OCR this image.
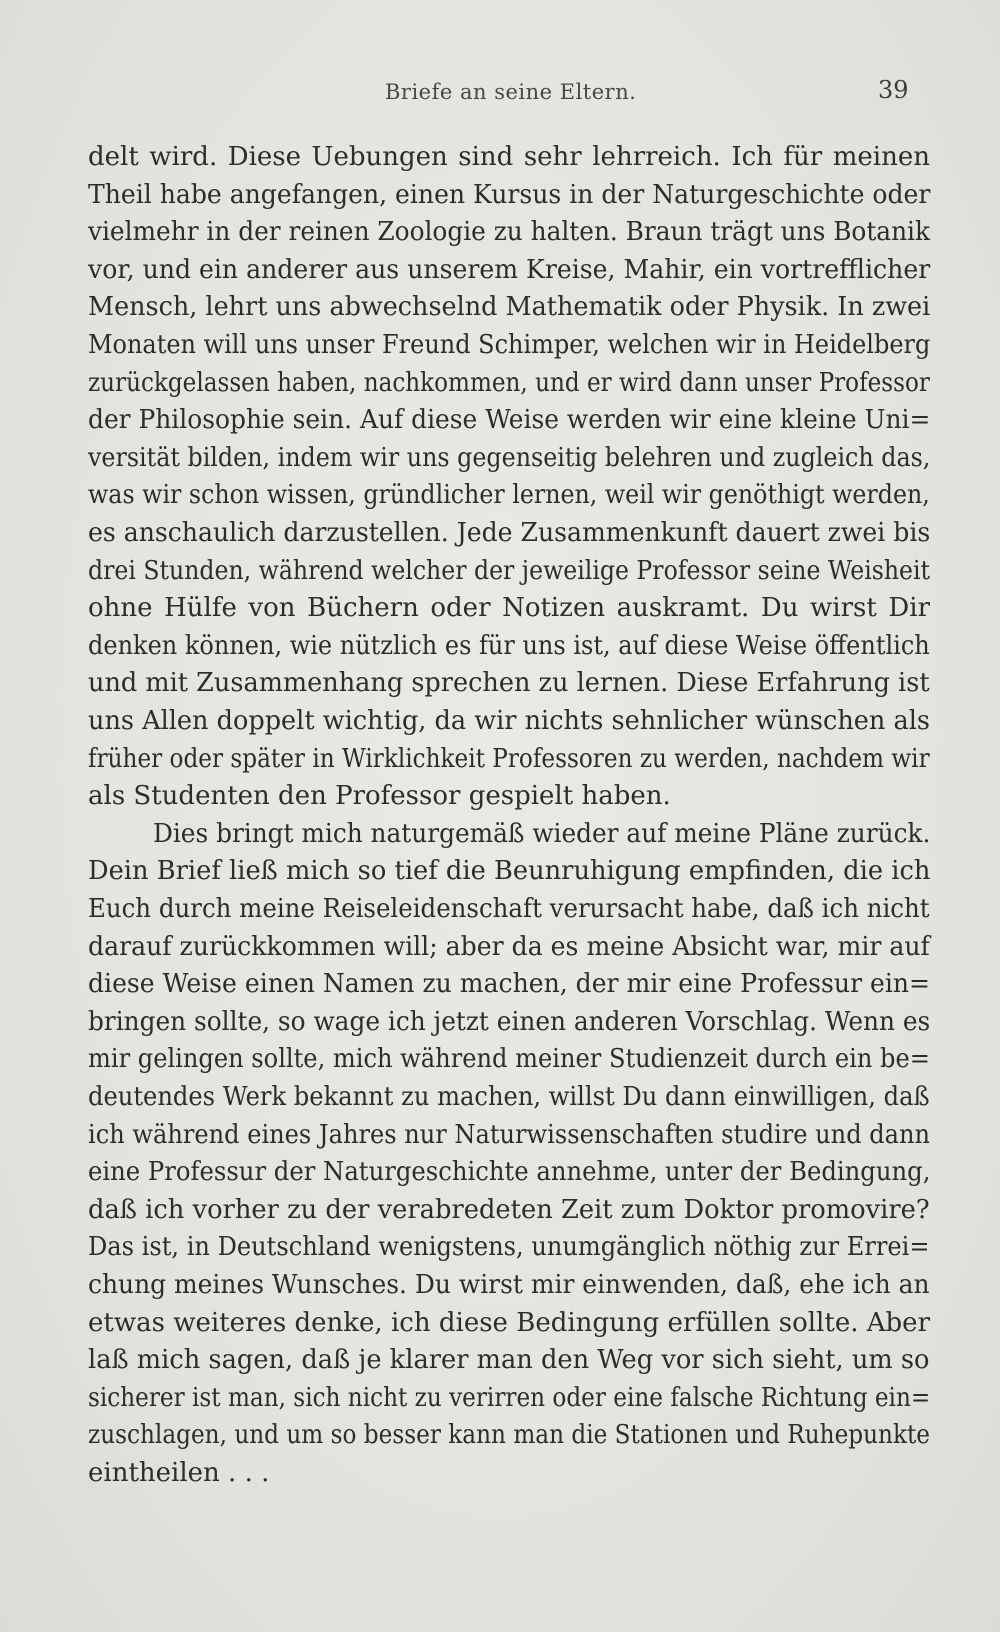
Briefe an seine Eltern.	39
delt wird. Diese Uebungen sind sehr lehrreich. Ich für meinen
Theil habe angefangen, einen Kursus in der Naturgeschichte oder
vielmehr in der reinen Zoologie zu halten. Braun trägt uns Botanik
vor, und ein anderer aus unserem Kreise, Mahir, ein vortrefflicher
Mensch, lehrt uns abwechselnd Mathematik oder Physik. In zwei
Monaten will uns unser Freund Schimper, welchen wir in Heidelberg
zurückgelassen haben, nachkommen, und er wird dann unser Professor
der Philosophie sein. Auf diese Weise werden wir eine kleine Uni=
versität bilden, indem wir uns gegenseitig belehren und zugleich das,
was wir schon wissen, gründlicher lernen, weil wir genöthigt werden,
es anschaulich darzustellen. Jede Zusammenkunft dauert zwei bis
drei Stunden, während welcher der jeweilige Professor seine Weisheit
ohne Hülfe von Büchern oder Notizen auskramt. Du wirst Dir
denken können, wie nützlich es für uns ist, auf diese Weise öffentlich
und mit Zusammenhang sprechen zu lernen. Diese Erfahrung ist
uns Allen doppelt wichtig, da wir nichts sehnlicher wünschen als
früher oder später in Wirklichkeit Professoren zu werden, nachdem wir
als Studenten den Professor gespielt haben.
Dies bringt mich naturgemäß wieder auf meine Pläne zurück.
Dein Brief ließ mich so tief die Beunruhigung empfinden, die ich
Euch durch meine Reiseleidenschaft verursacht habe, daß ich nicht
darauf zurückkommen will; aber da es meine Absicht war, mir auf
diese Weise einen Namen zu machen, der mir eine Professur ein=
bringen sollte, so wage ich jetzt einen anderen Vorschlag. Wenn es
mir gelingen sollte, mich während meiner Studienzeit durch ein be=
deutendes Werk bekannt zu machen, willst Du dann einwilligen, daß
ich während eines Jahres nur Naturwissenschaften studire und dann
eine Professur der Naturgeschichte annehme, unter der Bedingung,
daß ich vorher zu der verabredeten Zeit zum Doktor promovire?
Das ist, in Deutschland wenigstens, unumgänglich nöthig zur Errei=
chung meines Wunsches. Du wirst mir einwenden, daß, ehe ich an
etwas weiteres denke, ich diese Bedingung erfüllen sollte. Aber
laß mich sagen, daß je klarer man den Weg vor sich sieht, um so
sicherer ist man, sich nicht zu verirren oder eine falsche Richtung ein=
zuschlagen, und um so besser kann man die Stationen und Ruhepunkte
eintheilen . . .
